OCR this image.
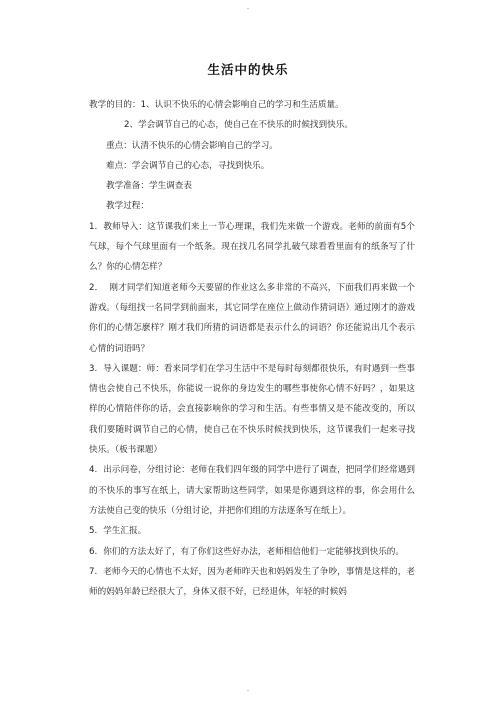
-
生活中的快乐

教学的目的：1、认识不快乐的心情会影响自己的学习和生活质量。

2、学会调节自己的心态，使自己在不快乐的时候找到快乐。

重点：认清不快乐的心情会影响自己的学习。

难点：学会调节自己的心态，寻找到快乐。

教学准备：学生调查表

教学过程：

1. 教师导入：这节课我们来上一节心理课，我们先来做一个游戏。老师的前面有5个气球，每个气球里面有一个纸条。现在找几名同学扎破气球看看里面有的纸条写了什么？你的心情怎样？

2． 刚才同学们知道老师今天要留的作业这么多非常的不高兴，下面我们再来做一个游戏。（每组找一名同学到前面来，其它同学在座位上做动作猜词语）通过刚才的游戏你们的心情怎麽样？刚才我们所猜的词语都是表示什么的词语？你还能说出几个表示心情的词语吗？

3. 导入课题：师：看来同学们在学习生活中不是每时每刻都很快乐，有时遇到一些事情也会使自己不快乐，你能说一说你的身边发生的哪些事使你心情不好吗？，如果这样的心情陪伴你的话，会直接影响你的学习和生活。有些事情又是不能改变的，所以我们要随时调节自己的心情，使自己在不快乐时候找到快乐，这节课我们一起来寻找快乐。（板书课题）

4. 出示问卷，分组讨论：老师在我们四年级的同学中进行了调查，把同学们经常遇到的不快乐的事写在纸上，请大家帮助这些同学，如果是你遇到这样的事，你会用什么方法使自己变的快乐（分组讨论，并把你们组的方法逐条写在纸上）。

5. 学生汇报。

6. 你们的方法太好了，有了你们这些好办法，老师相信他们一定能够找到快乐的。

7. 老师今天的心情也不太好，因为老师昨天也和妈妈发生了争吵，事情是这样的，老师的妈妈年龄已经很大了，身体又很不好，已经退休，年轻的时候妈

-
